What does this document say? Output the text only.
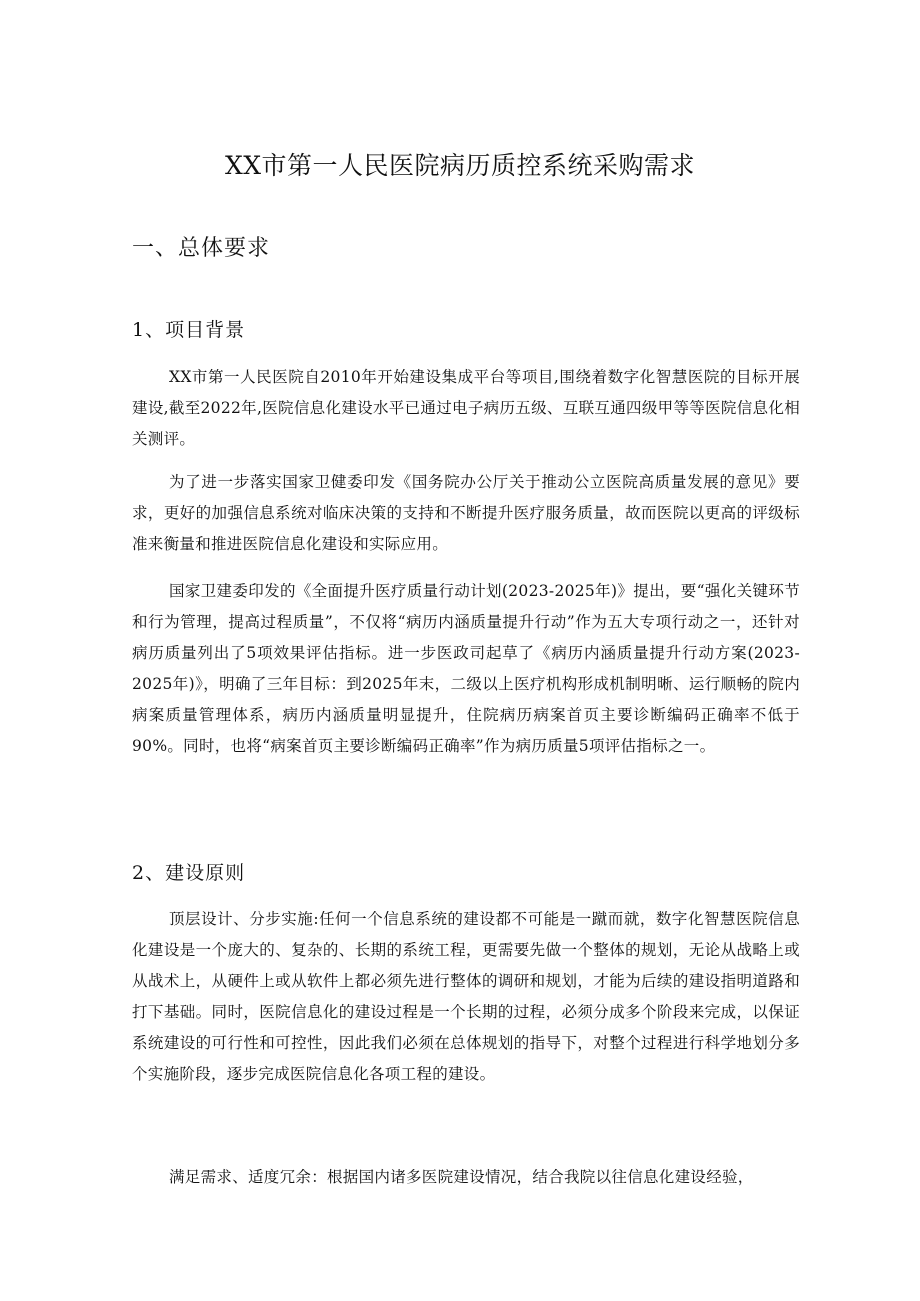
XX市第一人民医院病历质控系统采购需求
一、总体要求
1、项目背景

XX市第一人民医院自2010年开始建设集成平台等项目,围绕着数字化智慧医院的目标开展建设,截至2022年,医院信息化建设水平已通过电子病历五级、互联互通四级甲等等医院信息化相关测评。

为了进一步落实国家卫健委印发《国务院办公厅关于推动公立医院高质量发展的意见》要求，更好的加强信息系统对临床决策的支持和不断提升医疗服务质量，故而医院以更高的评级标准来衡量和推进医院信息化建设和实际应用。

国家卫建委印发的《全面提升医疗质量行动计划(2023-2025年)》提出，要“强化关键环节和行为管理，提高过程质量”，不仅将“病历内涵质量提升行动”作为五大专项行动之一，还针对病历质量列出了5项效果评估指标。进一步医政司起草了《病历内涵质量提升行动方案(2023-2025年)》，明确了三年目标：到2025年末，二级以上医疗机构形成机制明晰、运行顺畅的院内病案质量管理体系，病历内涵质量明显提升，住院病历病案首页主要诊断编码正确率不低于90%。同时，也将“病案首页主要诊断编码正确率”作为病历质量5项评估指标之一。

2、建设原则

顶层设计、分步实施:任何一个信息系统的建设都不可能是一蹴而就，数字化智慧医院信息化建设是一个庞大的、复杂的、长期的系统工程，更需要先做一个整体的规划，无论从战略上或从战术上，从硬件上或从软件上都必须先进行整体的调研和规划，才能为后续的建设指明道路和打下基础。同时，医院信息化的建设过程是一个长期的过程，必须分成多个阶段来完成，以保证系统建设的可行性和可控性，因此我们必须在总体规划的指导下，对整个过程进行科学地划分多个实施阶段，逐步完成医院信息化各项工程的建设。

满足需求、适度冗余：根据国内诸多医院建设情况，结合我院以往信息化建设经验，
